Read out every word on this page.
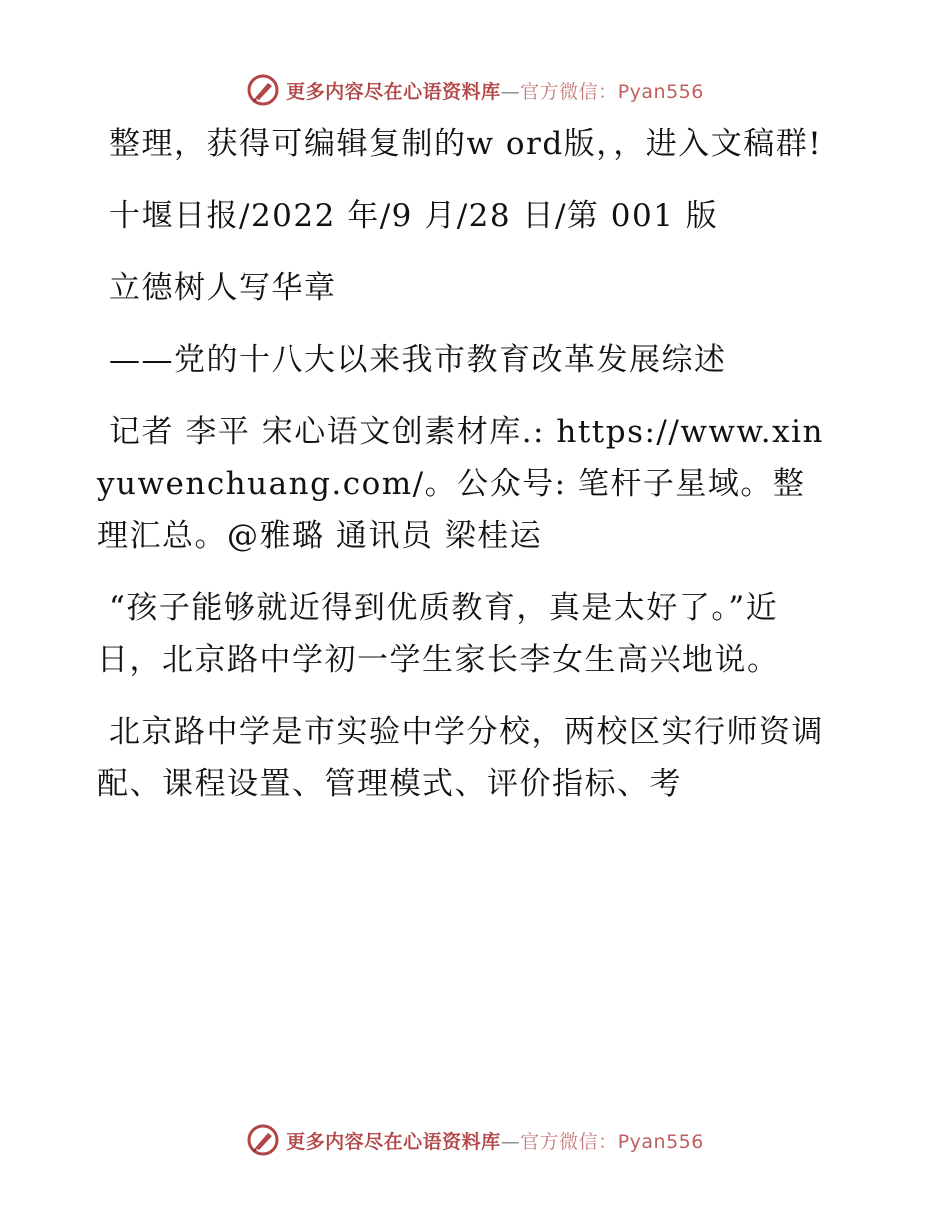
更多内容尽在心语资料库—官方微信：Pyan556

整理，获得可编辑复制的w ord版，，进入文稿群!

十堰日报/2022 年/9 月/28 日/第 001 版

立德树人写华章

——党的十八大以来我市教育改革发展综述

记者 李平 宋心语文创素材库.: https://www.xinyuwenchuang.com/。公众号: 笔杆子星域。整理汇总。@雅璐 通讯员 梁桂运

“孩子能够就近得到优质教育，真是太好了。”近日，北京路中学初一学生家长李女生高兴地说。

北京路中学是市实验中学分校，两校区实行师资调配、课程设置、管理模式、评价指标、考

更多内容尽在心语资料库—官方微信：Pyan556
